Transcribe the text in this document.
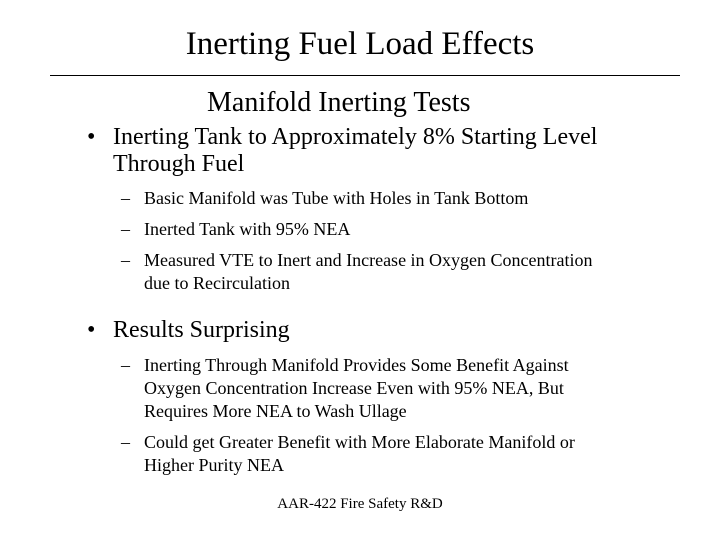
Inerting Fuel Load Effects
Manifold Inerting Tests
• Inerting Tank to Approximately 8% Starting Level
Through Fuel
– Basic Manifold was Tube with Holes in Tank Bottom
– Inerted Tank with 95% NEA
– Measured VTE to Inert and Increase in Oxygen Concentration
due to Recirculation
• Results Surprising
– Inerting Through Manifold Provides Some Benefit Against
Oxygen Concentration Increase Even with 95% NEA, But
Requires More NEA to Wash Ullage
– Could get Greater Benefit with More Elaborate Manifold or
Higher Purity NEA
AAR-422 Fire Safety R&D
